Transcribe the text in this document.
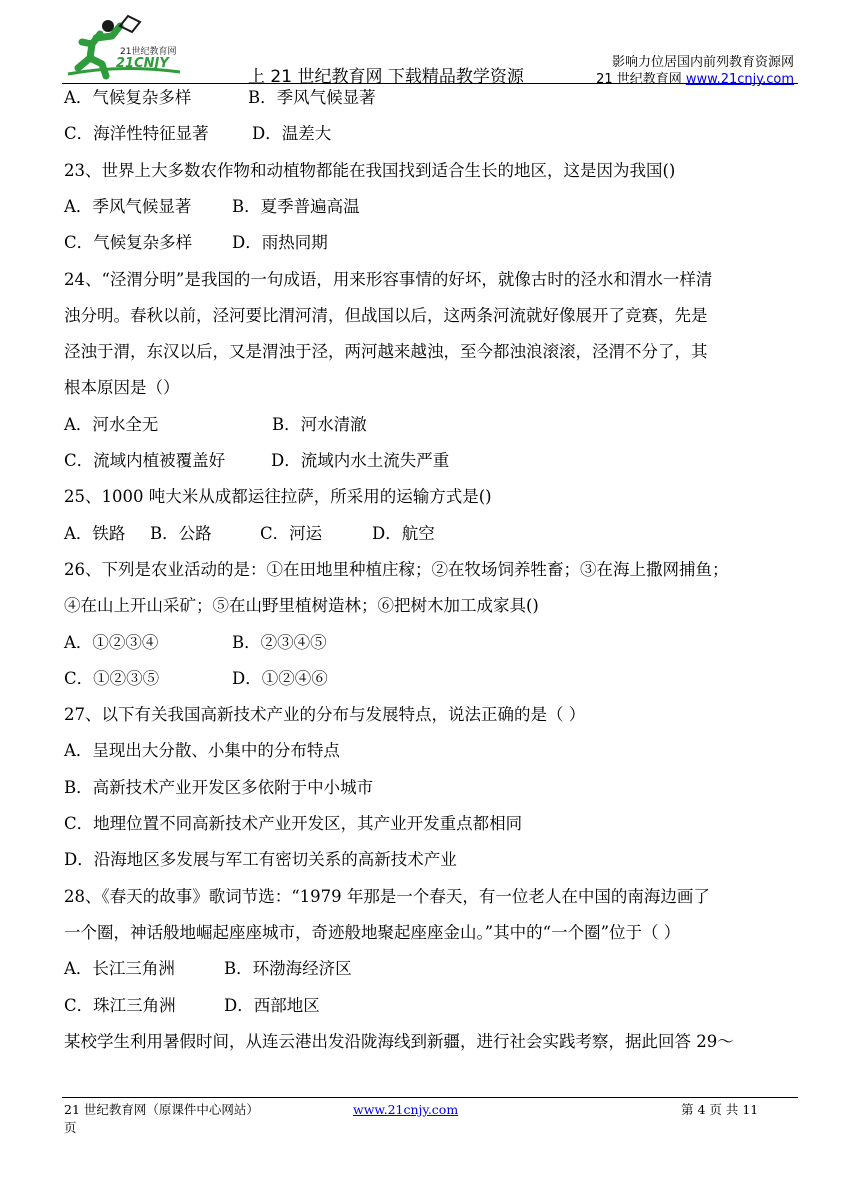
21世纪教育网
21CNJY
上 21 世纪教育网 下载精品教学资源
影响力位居国内前列教育资源网
21 世纪教育网 www.21cnjy.com
A．气候复杂多样	B．季风气候显著
C．海洋性特征显著	D．温差大
23、世界上大多数农作物和动植物都能在我国找到适合生长的地区，这是因为我国()
A．季风气候显著 B．夏季普遍高温
C．气候复杂多样 D．雨热同期
24、“泾渭分明”是我国的一句成语，用来形容事情的好坏，就像古时的泾水和渭水一样清
浊分明。春秋以前，泾河要比渭河清，但战国以后，这两条河流就好像展开了竞赛，先是
泾浊于渭，东汉以后，又是渭浊于泾，两河越来越浊，至今都浊浪滚滚，泾渭不分了，其
根本原因是（）
A．河水全无	B．河水清澈
C．流域内植被覆盖好	D．流域内水土流失严重
25、1000 吨大米从成都运往拉萨，所采用的运输方式是()
A．铁路 B．公路	C．河运	D．航空
26、下列是农业活动的是：①在田地里种植庄稼；②在牧场饲养牲畜；③在海上撒网捕鱼；
④在山上开山采矿；⑤在山野里植树造林；⑥把树木加工成家具()
A．①②③④	B．②③④⑤
C．①②③⑤	D．①②④⑥
27、以下有关我国高新技术产业的分布与发展特点，说法正确的是（ ）
A．呈现出大分散、小集中的分布特点
B．高新技术产业开发区多依附于中小城市
C．地理位置不同高新技术产业开发区，其产业开发重点都相同
D．沿海地区多发展与军工有密切关系的高新技术产业
28、《春天的故事》歌词节选：“1979 年那是一个春天，有一位老人在中国的南海边画了
一个圈，神话般地崛起座座城市，奇迹般地聚起座座金山。”其中的“一个圈”位于（ ）
A．长江三角洲	B．环渤海经济区
C．珠江三角洲	D．西部地区
某校学生利用暑假时间，从连云港出发沿陇海线到新疆，进行社会实践考察，据此回答 29～
21 世纪教育网（原课件中心网站）	www.21cnjy.com	第 4 页 共 11
页
